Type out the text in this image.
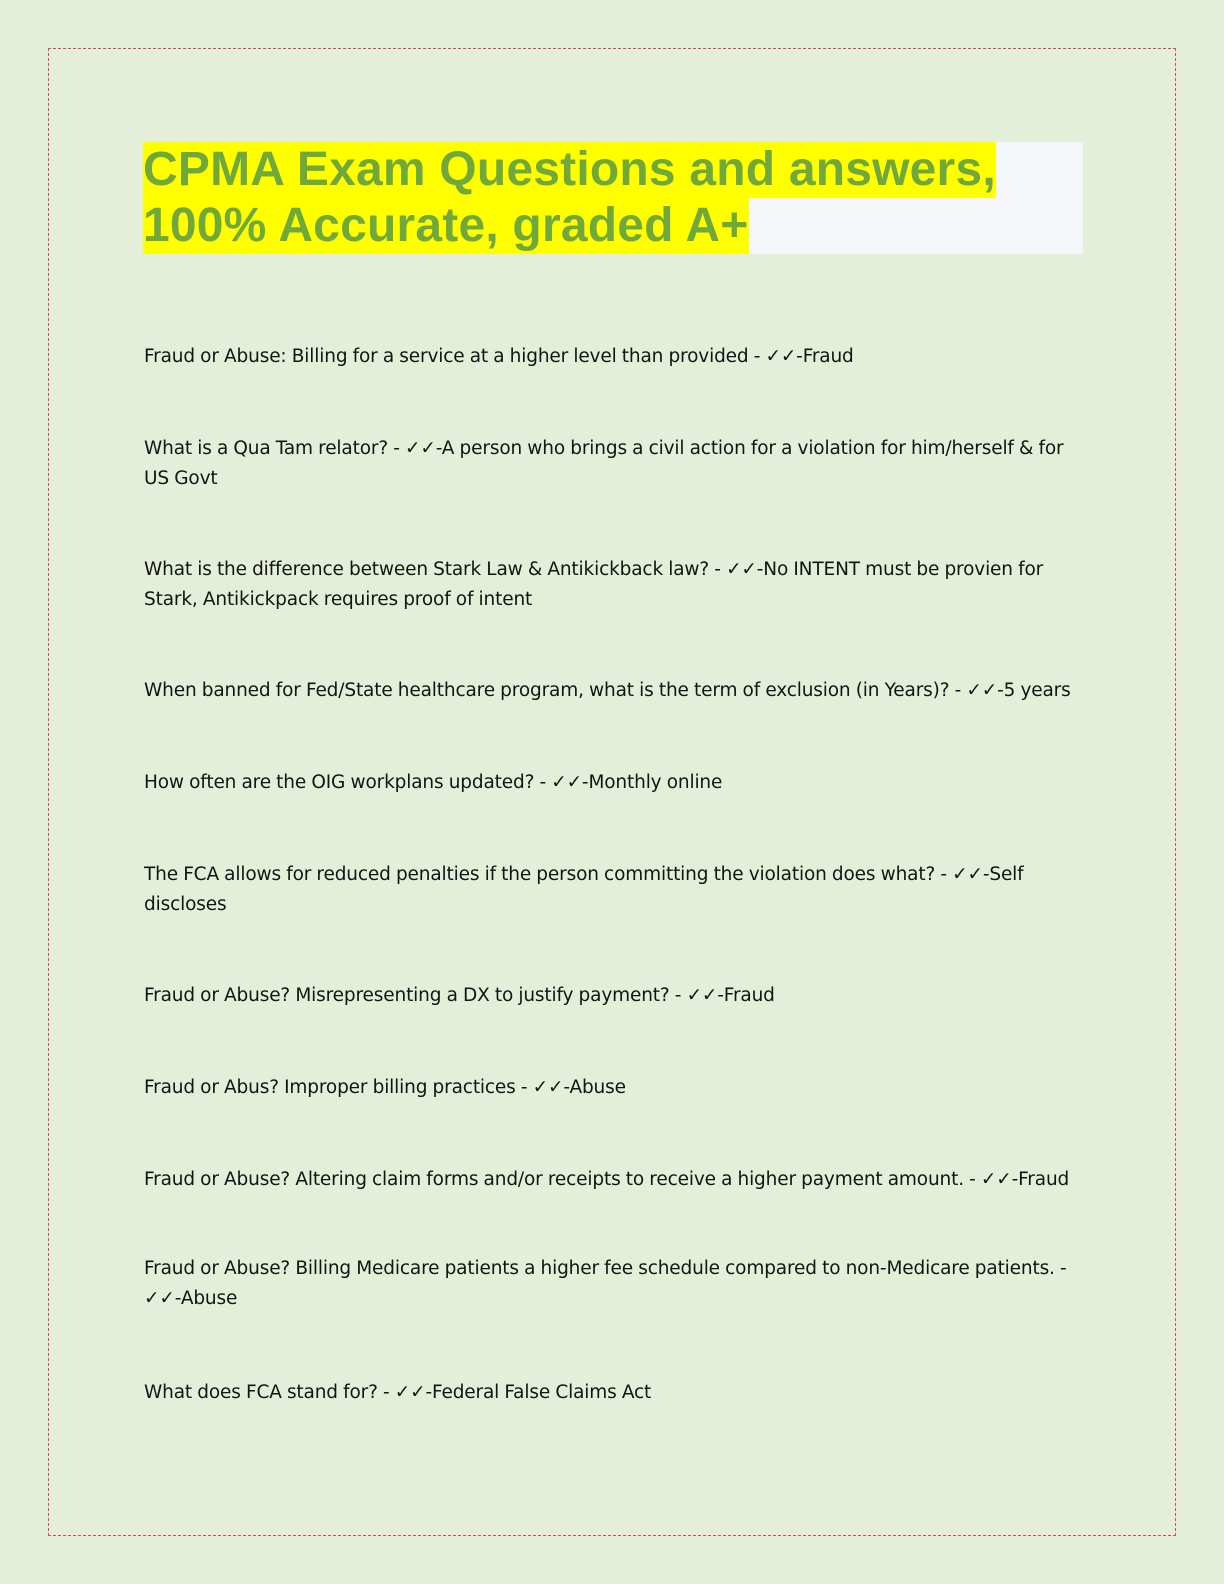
CPMA Exam Questions and answers,
100% Accurate, graded A+
Fraud or Abuse: Billing for a service at a higher level than provided - ✓✓-Fraud
What is a Qua Tam relator? - ✓✓-A person who brings a civil action for a violation for him/herself & for US Govt
What is the difference between Stark Law & Antikickback law? - ✓✓-No INTENT must be provien for Stark, Antikickpack requires proof of intent
When banned for Fed/State healthcare program, what is the term of exclusion (in Years)? - ✓✓-5 years
How often are the OIG workplans updated? - ✓✓-Monthly online
The FCA allows for reduced penalties if the person committing the violation does what? - ✓✓-Self discloses
Fraud or Abuse? Misrepresenting a DX to justify payment? - ✓✓-Fraud
Fraud or Abus? Improper billing practices - ✓✓-Abuse
Fraud or Abuse? Altering claim forms and/or receipts to receive a higher payment amount. - ✓✓-Fraud
Fraud or Abuse? Billing Medicare patients a higher fee schedule compared to non-Medicare patients. - ✓✓-Abuse
What does FCA stand for? - ✓✓-Federal False Claims Act
